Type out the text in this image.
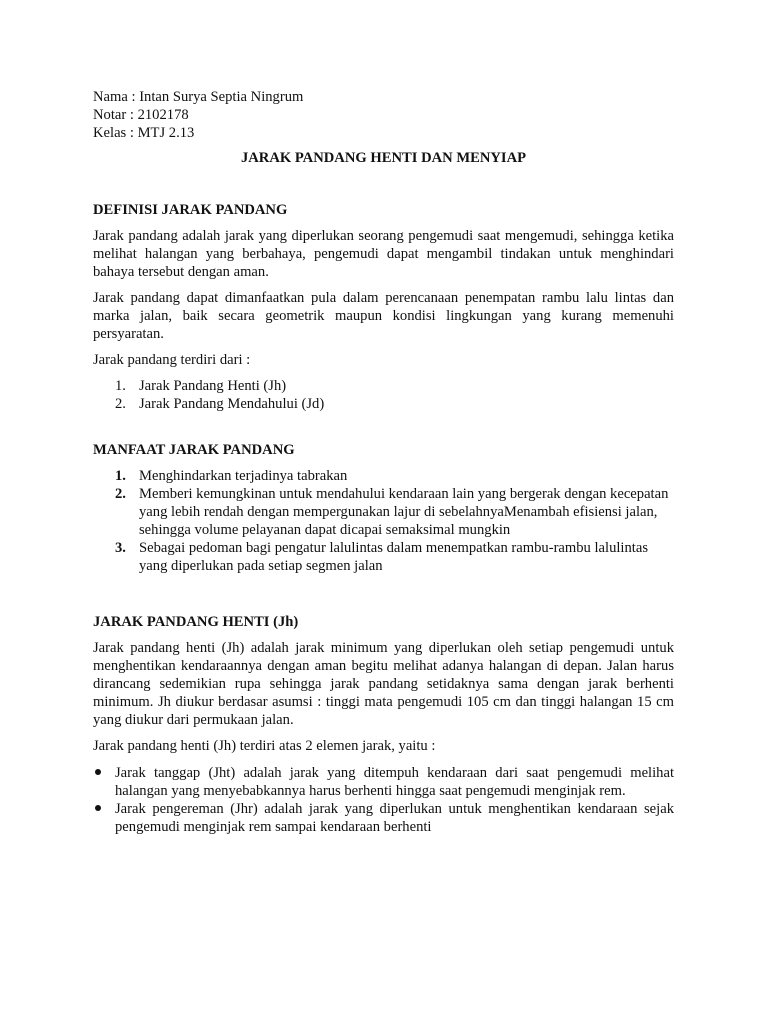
Nama : Intan Surya Septia Ningrum

Notar : 2102178

Kelas : MTJ 2.13

JARAK PANDANG HENTI DAN MENYIAP

DEFINISI JARAK PANDANG

Jarak pandang adalah jarak yang diperlukan seorang pengemudi saat mengemudi, sehingga ketika melihat halangan yang berbahaya, pengemudi dapat mengambil tindakan untuk menghindari bahaya tersebut dengan aman.

Jarak pandang dapat dimanfaatkan pula dalam perencanaan penempatan rambu lalu lintas dan marka jalan, baik secara geometrik maupun kondisi lingkungan yang kurang memenuhi persyaratan.

Jarak pandang terdiri dari :

1. Jarak Pandang Henti (Jh)
2. Jarak Pandang Mendahului (Jd)

MANFAAT JARAK PANDANG

1. Menghindarkan terjadinya tabrakan
2. Memberi kemungkinan untuk mendahului kendaraan lain yang bergerak dengan kecepatan yang lebih rendah dengan mempergunakan lajur di sebelahnyaMenambah efisiensi jalan, sehingga volume pelayanan dapat dicapai semaksimal mungkin
3. Sebagai pedoman bagi pengatur lalulintas dalam menempatkan rambu-rambu lalulintas yang diperlukan pada setiap segmen jalan

JARAK PANDANG HENTI (Jh)

Jarak pandang henti (Jh) adalah jarak minimum yang diperlukan oleh setiap pengemudi untuk menghentikan kendaraannya dengan aman begitu melihat adanya halangan di depan. Jalan harus dirancang sedemikian rupa sehingga jarak pandang setidaknya sama dengan jarak berhenti minimum. Jh diukur berdasar asumsi : tinggi mata pengemudi 105 cm dan tinggi halangan 15 cm yang diukur dari permukaan jalan.

Jarak pandang henti (Jh) terdiri atas 2 elemen jarak, yaitu :

Jarak tanggap (Jht) adalah jarak yang ditempuh kendaraan dari saat pengemudi melihat halangan yang menyebabkannya harus berhenti hingga saat pengemudi menginjak rem.
Jarak pengereman (Jhr) adalah jarak yang diperlukan untuk menghentikan kendaraan sejak pengemudi menginjak rem sampai kendaraan berhenti
